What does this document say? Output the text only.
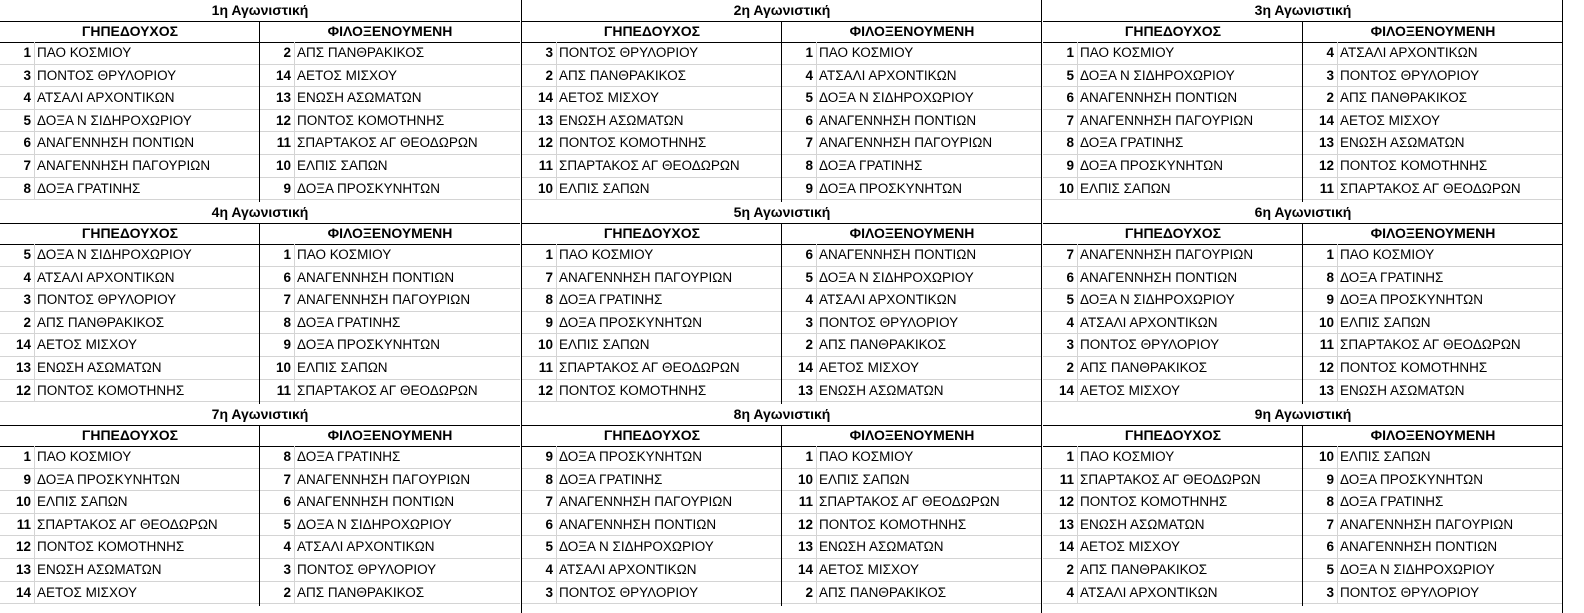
1η Αγωνιστική
ΓΗΠΕΔΟΥΧΟΣ	ΦΙΛΟΞΕΝΟΥΜΕΝΗ
1 ΠΑΟ ΚΟΣΜΙΟΥ	2 ΑΠΣ ΠΑΝΘΡΑΚΙΚΟΣ
3 ΠΟΝΤΟΣ ΘΡΥΛΟΡΙΟΥ	14 ΑΕΤΟΣ ΜΙΣΧΟΥ
4 ΑΤΣΑΛΙ ΑΡΧΟΝΤΙΚΩΝ	13 ΕΝΩΣΗ ΑΣΩΜΑΤΩΝ
5 ΔΟΞΑ Ν ΣΙΔΗΡΟΧΩΡΙΟΥ	12 ΠΟΝΤΟΣ ΚΟΜΟΤΗΝΗΣ
6 ΑΝΑΓΕΝΝΗΣΗ ΠΟΝΤΙΩΝ	11 ΣΠΑΡΤΑΚΟΣ ΑΓ ΘΕΟΔΩΡΩΝ
7 ΑΝΑΓΕΝΝΗΣΗ ΠΑΓΟΥΡΙΩΝ	10 ΕΛΠΙΣ ΣΑΠΩΝ
8 ΔΟΞΑ ΓΡΑΤΙΝΗΣ	9 ΔΟΞΑ ΠΡΟΣΚΥΝΗΤΩΝ
2η Αγωνιστική
ΓΗΠΕΔΟΥΧΟΣ	ΦΙΛΟΞΕΝΟΥΜΕΝΗ
3 ΠΟΝΤΟΣ ΘΡΥΛΟΡΙΟΥ	1 ΠΑΟ ΚΟΣΜΙΟΥ
2 ΑΠΣ ΠΑΝΘΡΑΚΙΚΟΣ	4 ΑΤΣΑΛΙ ΑΡΧΟΝΤΙΚΩΝ
14 ΑΕΤΟΣ ΜΙΣΧΟΥ	5 ΔΟΞΑ Ν ΣΙΔΗΡΟΧΩΡΙΟΥ
13 ΕΝΩΣΗ ΑΣΩΜΑΤΩΝ	6 ΑΝΑΓΕΝΝΗΣΗ ΠΟΝΤΙΩΝ
12 ΠΟΝΤΟΣ ΚΟΜΟΤΗΝΗΣ	7 ΑΝΑΓΕΝΝΗΣΗ ΠΑΓΟΥΡΙΩΝ
11 ΣΠΑΡΤΑΚΟΣ ΑΓ ΘΕΟΔΩΡΩΝ	8 ΔΟΞΑ ΓΡΑΤΙΝΗΣ
10 ΕΛΠΙΣ ΣΑΠΩΝ	9 ΔΟΞΑ ΠΡΟΣΚΥΝΗΤΩΝ
3η Αγωνιστική
ΓΗΠΕΔΟΥΧΟΣ	ΦΙΛΟΞΕΝΟΥΜΕΝΗ
1 ΠΑΟ ΚΟΣΜΙΟΥ	4 ΑΤΣΑΛΙ ΑΡΧΟΝΤΙΚΩΝ
5 ΔΟΞΑ Ν ΣΙΔΗΡΟΧΩΡΙΟΥ	3 ΠΟΝΤΟΣ ΘΡΥΛΟΡΙΟΥ
6 ΑΝΑΓΕΝΝΗΣΗ ΠΟΝΤΙΩΝ	2 ΑΠΣ ΠΑΝΘΡΑΚΙΚΟΣ
7 ΑΝΑΓΕΝΝΗΣΗ ΠΑΓΟΥΡΙΩΝ	14 ΑΕΤΟΣ ΜΙΣΧΟΥ
8 ΔΟΞΑ ΓΡΑΤΙΝΗΣ	13 ΕΝΩΣΗ ΑΣΩΜΑΤΩΝ
9 ΔΟΞΑ ΠΡΟΣΚΥΝΗΤΩΝ	12 ΠΟΝΤΟΣ ΚΟΜΟΤΗΝΗΣ
10 ΕΛΠΙΣ ΣΑΠΩΝ	11 ΣΠΑΡΤΑΚΟΣ ΑΓ ΘΕΟΔΩΡΩΝ
4η Αγωνιστική
ΓΗΠΕΔΟΥΧΟΣ	ΦΙΛΟΞΕΝΟΥΜΕΝΗ
5 ΔΟΞΑ Ν ΣΙΔΗΡΟΧΩΡΙΟΥ	1 ΠΑΟ ΚΟΣΜΙΟΥ
4 ΑΤΣΑΛΙ ΑΡΧΟΝΤΙΚΩΝ	6 ΑΝΑΓΕΝΝΗΣΗ ΠΟΝΤΙΩΝ
3 ΠΟΝΤΟΣ ΘΡΥΛΟΡΙΟΥ	7 ΑΝΑΓΕΝΝΗΣΗ ΠΑΓΟΥΡΙΩΝ
2 ΑΠΣ ΠΑΝΘΡΑΚΙΚΟΣ	8 ΔΟΞΑ ΓΡΑΤΙΝΗΣ
14 ΑΕΤΟΣ ΜΙΣΧΟΥ	9 ΔΟΞΑ ΠΡΟΣΚΥΝΗΤΩΝ
13 ΕΝΩΣΗ ΑΣΩΜΑΤΩΝ	10 ΕΛΠΙΣ ΣΑΠΩΝ
12 ΠΟΝΤΟΣ ΚΟΜΟΤΗΝΗΣ	11 ΣΠΑΡΤΑΚΟΣ ΑΓ ΘΕΟΔΩΡΩΝ
5η Αγωνιστική
ΓΗΠΕΔΟΥΧΟΣ	ΦΙΛΟΞΕΝΟΥΜΕΝΗ
1 ΠΑΟ ΚΟΣΜΙΟΥ	6 ΑΝΑΓΕΝΝΗΣΗ ΠΟΝΤΙΩΝ
7 ΑΝΑΓΕΝΝΗΣΗ ΠΑΓΟΥΡΙΩΝ	5 ΔΟΞΑ Ν ΣΙΔΗΡΟΧΩΡΙΟΥ
8 ΔΟΞΑ ΓΡΑΤΙΝΗΣ	4 ΑΤΣΑΛΙ ΑΡΧΟΝΤΙΚΩΝ
9 ΔΟΞΑ ΠΡΟΣΚΥΝΗΤΩΝ	3 ΠΟΝΤΟΣ ΘΡΥΛΟΡΙΟΥ
10 ΕΛΠΙΣ ΣΑΠΩΝ	2 ΑΠΣ ΠΑΝΘΡΑΚΙΚΟΣ
11 ΣΠΑΡΤΑΚΟΣ ΑΓ ΘΕΟΔΩΡΩΝ	14 ΑΕΤΟΣ ΜΙΣΧΟΥ
12 ΠΟΝΤΟΣ ΚΟΜΟΤΗΝΗΣ	13 ΕΝΩΣΗ ΑΣΩΜΑΤΩΝ
6η Αγωνιστική
ΓΗΠΕΔΟΥΧΟΣ	ΦΙΛΟΞΕΝΟΥΜΕΝΗ
7 ΑΝΑΓΕΝΝΗΣΗ ΠΑΓΟΥΡΙΩΝ	1 ΠΑΟ ΚΟΣΜΙΟΥ
6 ΑΝΑΓΕΝΝΗΣΗ ΠΟΝΤΙΩΝ	8 ΔΟΞΑ ΓΡΑΤΙΝΗΣ
5 ΔΟΞΑ Ν ΣΙΔΗΡΟΧΩΡΙΟΥ	9 ΔΟΞΑ ΠΡΟΣΚΥΝΗΤΩΝ
4 ΑΤΣΑΛΙ ΑΡΧΟΝΤΙΚΩΝ	10 ΕΛΠΙΣ ΣΑΠΩΝ
3 ΠΟΝΤΟΣ ΘΡΥΛΟΡΙΟΥ	11 ΣΠΑΡΤΑΚΟΣ ΑΓ ΘΕΟΔΩΡΩΝ
2 ΑΠΣ ΠΑΝΘΡΑΚΙΚΟΣ	12 ΠΟΝΤΟΣ ΚΟΜΟΤΗΝΗΣ
14 ΑΕΤΟΣ ΜΙΣΧΟΥ	13 ΕΝΩΣΗ ΑΣΩΜΑΤΩΝ
7η Αγωνιστική
ΓΗΠΕΔΟΥΧΟΣ	ΦΙΛΟΞΕΝΟΥΜΕΝΗ
1 ΠΑΟ ΚΟΣΜΙΟΥ	8 ΔΟΞΑ ΓΡΑΤΙΝΗΣ
9 ΔΟΞΑ ΠΡΟΣΚΥΝΗΤΩΝ	7 ΑΝΑΓΕΝΝΗΣΗ ΠΑΓΟΥΡΙΩΝ
10 ΕΛΠΙΣ ΣΑΠΩΝ	6 ΑΝΑΓΕΝΝΗΣΗ ΠΟΝΤΙΩΝ
11 ΣΠΑΡΤΑΚΟΣ ΑΓ ΘΕΟΔΩΡΩΝ	5 ΔΟΞΑ Ν ΣΙΔΗΡΟΧΩΡΙΟΥ
12 ΠΟΝΤΟΣ ΚΟΜΟΤΗΝΗΣ	4 ΑΤΣΑΛΙ ΑΡΧΟΝΤΙΚΩΝ
13 ΕΝΩΣΗ ΑΣΩΜΑΤΩΝ	3 ΠΟΝΤΟΣ ΘΡΥΛΟΡΙΟΥ
14 ΑΕΤΟΣ ΜΙΣΧΟΥ	2 ΑΠΣ ΠΑΝΘΡΑΚΙΚΟΣ
8η Αγωνιστική
ΓΗΠΕΔΟΥΧΟΣ	ΦΙΛΟΞΕΝΟΥΜΕΝΗ
9 ΔΟΞΑ ΠΡΟΣΚΥΝΗΤΩΝ	1 ΠΑΟ ΚΟΣΜΙΟΥ
8 ΔΟΞΑ ΓΡΑΤΙΝΗΣ	10 ΕΛΠΙΣ ΣΑΠΩΝ
7 ΑΝΑΓΕΝΝΗΣΗ ΠΑΓΟΥΡΙΩΝ	11 ΣΠΑΡΤΑΚΟΣ ΑΓ ΘΕΟΔΩΡΩΝ
6 ΑΝΑΓΕΝΝΗΣΗ ΠΟΝΤΙΩΝ	12 ΠΟΝΤΟΣ ΚΟΜΟΤΗΝΗΣ
5 ΔΟΞΑ Ν ΣΙΔΗΡΟΧΩΡΙΟΥ	13 ΕΝΩΣΗ ΑΣΩΜΑΤΩΝ
4 ΑΤΣΑΛΙ ΑΡΧΟΝΤΙΚΩΝ	14 ΑΕΤΟΣ ΜΙΣΧΟΥ
3 ΠΟΝΤΟΣ ΘΡΥΛΟΡΙΟΥ	2 ΑΠΣ ΠΑΝΘΡΑΚΙΚΟΣ
9η Αγωνιστική
ΓΗΠΕΔΟΥΧΟΣ	ΦΙΛΟΞΕΝΟΥΜΕΝΗ
1 ΠΑΟ ΚΟΣΜΙΟΥ	10 ΕΛΠΙΣ ΣΑΠΩΝ
11 ΣΠΑΡΤΑΚΟΣ ΑΓ ΘΕΟΔΩΡΩΝ	9 ΔΟΞΑ ΠΡΟΣΚΥΝΗΤΩΝ
12 ΠΟΝΤΟΣ ΚΟΜΟΤΗΝΗΣ	8 ΔΟΞΑ ΓΡΑΤΙΝΗΣ
13 ΕΝΩΣΗ ΑΣΩΜΑΤΩΝ	7 ΑΝΑΓΕΝΝΗΣΗ ΠΑΓΟΥΡΙΩΝ
14 ΑΕΤΟΣ ΜΙΣΧΟΥ	6 ΑΝΑΓΕΝΝΗΣΗ ΠΟΝΤΙΩΝ
2 ΑΠΣ ΠΑΝΘΡΑΚΙΚΟΣ	5 ΔΟΞΑ Ν ΣΙΔΗΡΟΧΩΡΙΟΥ
4 ΑΤΣΑΛΙ ΑΡΧΟΝΤΙΚΩΝ	3 ΠΟΝΤΟΣ ΘΡΥΛΟΡΙΟΥ
